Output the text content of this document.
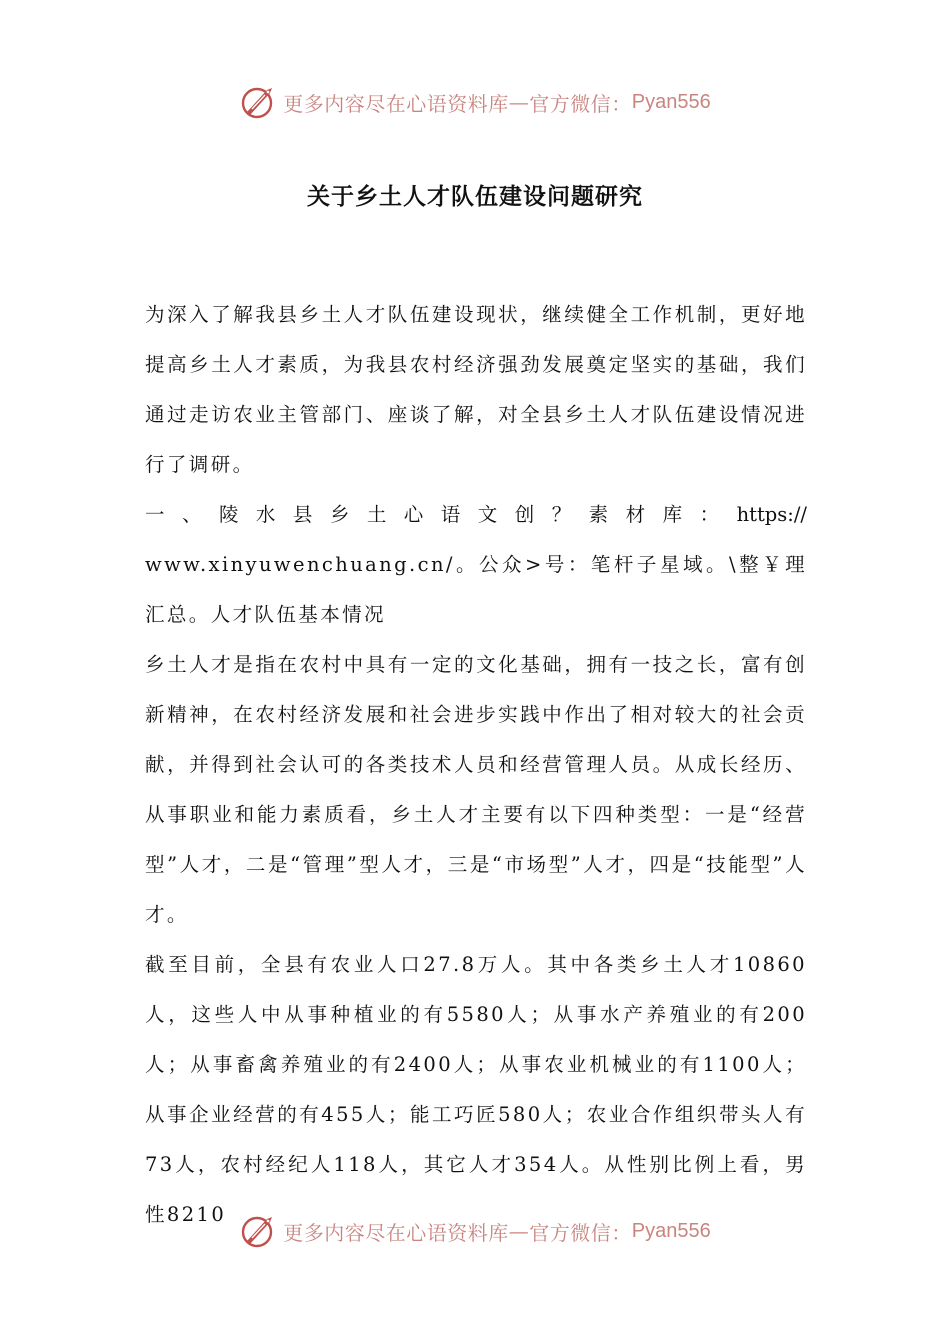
更多内容尽在心语资料库 — 官方微信： Pyan556
关于乡土人才队伍建设问题研究

为深入了解我县乡土人才队伍建设现状，继续健全工作机制，更好地提高乡土人才素质，为我县农村经济强劲发展奠定坚实的基础，我们通过走访农业主管部门、座谈了解，对全县乡土人才队伍建设情况进行了调研。

一、陵水县乡土心语文创？素材库：https://

www.xinyuwenchuang.cn/。公众>号：笔杆子星域。\整￥理汇总。人才队伍基本情况

乡土人才是指在农村中具有一定的文化基础，拥有一技之长，富有创新精神，在农村经济发展和社会进步实践中作出了相对较大的社会贡献，并得到社会认可的各类技术人员和经营管理人员。从成长经历、从事职业和能力素质看，乡土人才主要有以下四种类型：一是“经营型”人才，二是“管理”型人才，三是“市场型”人才，四是“技能型”人才。

截至目前，全县有农业人口27.8万人。其中各类乡土人才10860人，这些人中从事种植业的有5580人；从事水产养殖业的有200人；从事畜禽养殖业的有2400人；从事农业机械业的有1100人；从事企业经营的有455人；能工巧匠580人；农业合作组织带头人有73人，农村经纪人118人，其它人才354人。从性别比例上看，男性8210

更多内容尽在心语资料库 — 官方微信： Pyan556
